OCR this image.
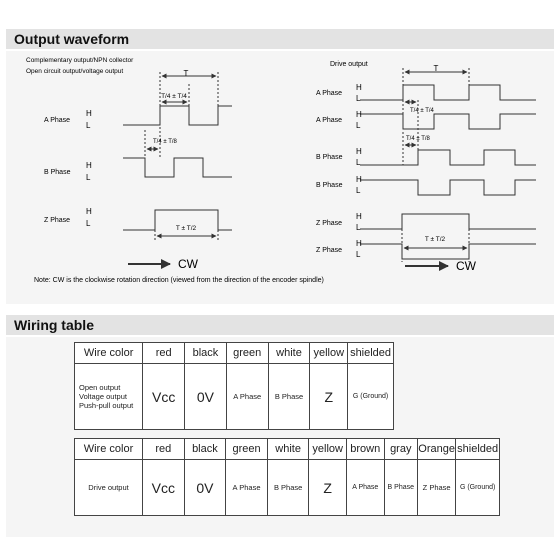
Output waveform
Complementary output/NPN collector
Open circuit output/voltage output
Drive output
T
T/4 ± T/4
T/4 ± T/8
T ± T/2
A Phase
H
L
B Phase
H
L
Z Phase
H
L
CW
T
T/4 ± T/4
T/4 ± T/8
T ± T/2
A Phase
H
L
A Phase
H
L
B Phase
H
L
B Phase
H
L
Z Phase
H
L
Z Phase
H
L
CW
Note: CW is the clockwise rotation direction (viewed from the direction of the encoder spindle)
Wiring table
Wire color	red	black	green	white	yellow	shielded

Open output
Voltage output
Push-pull output	Vcc	0V	A Phase	B Phase	Z	G (Ground)
Wire color	red	black	green	white	yellow	brown	gray	Orange	shielded
Drive output	Vcc	0V	A Phase	B Phase	Z	A Phase	B Phase	Z Phase	G (Ground)
